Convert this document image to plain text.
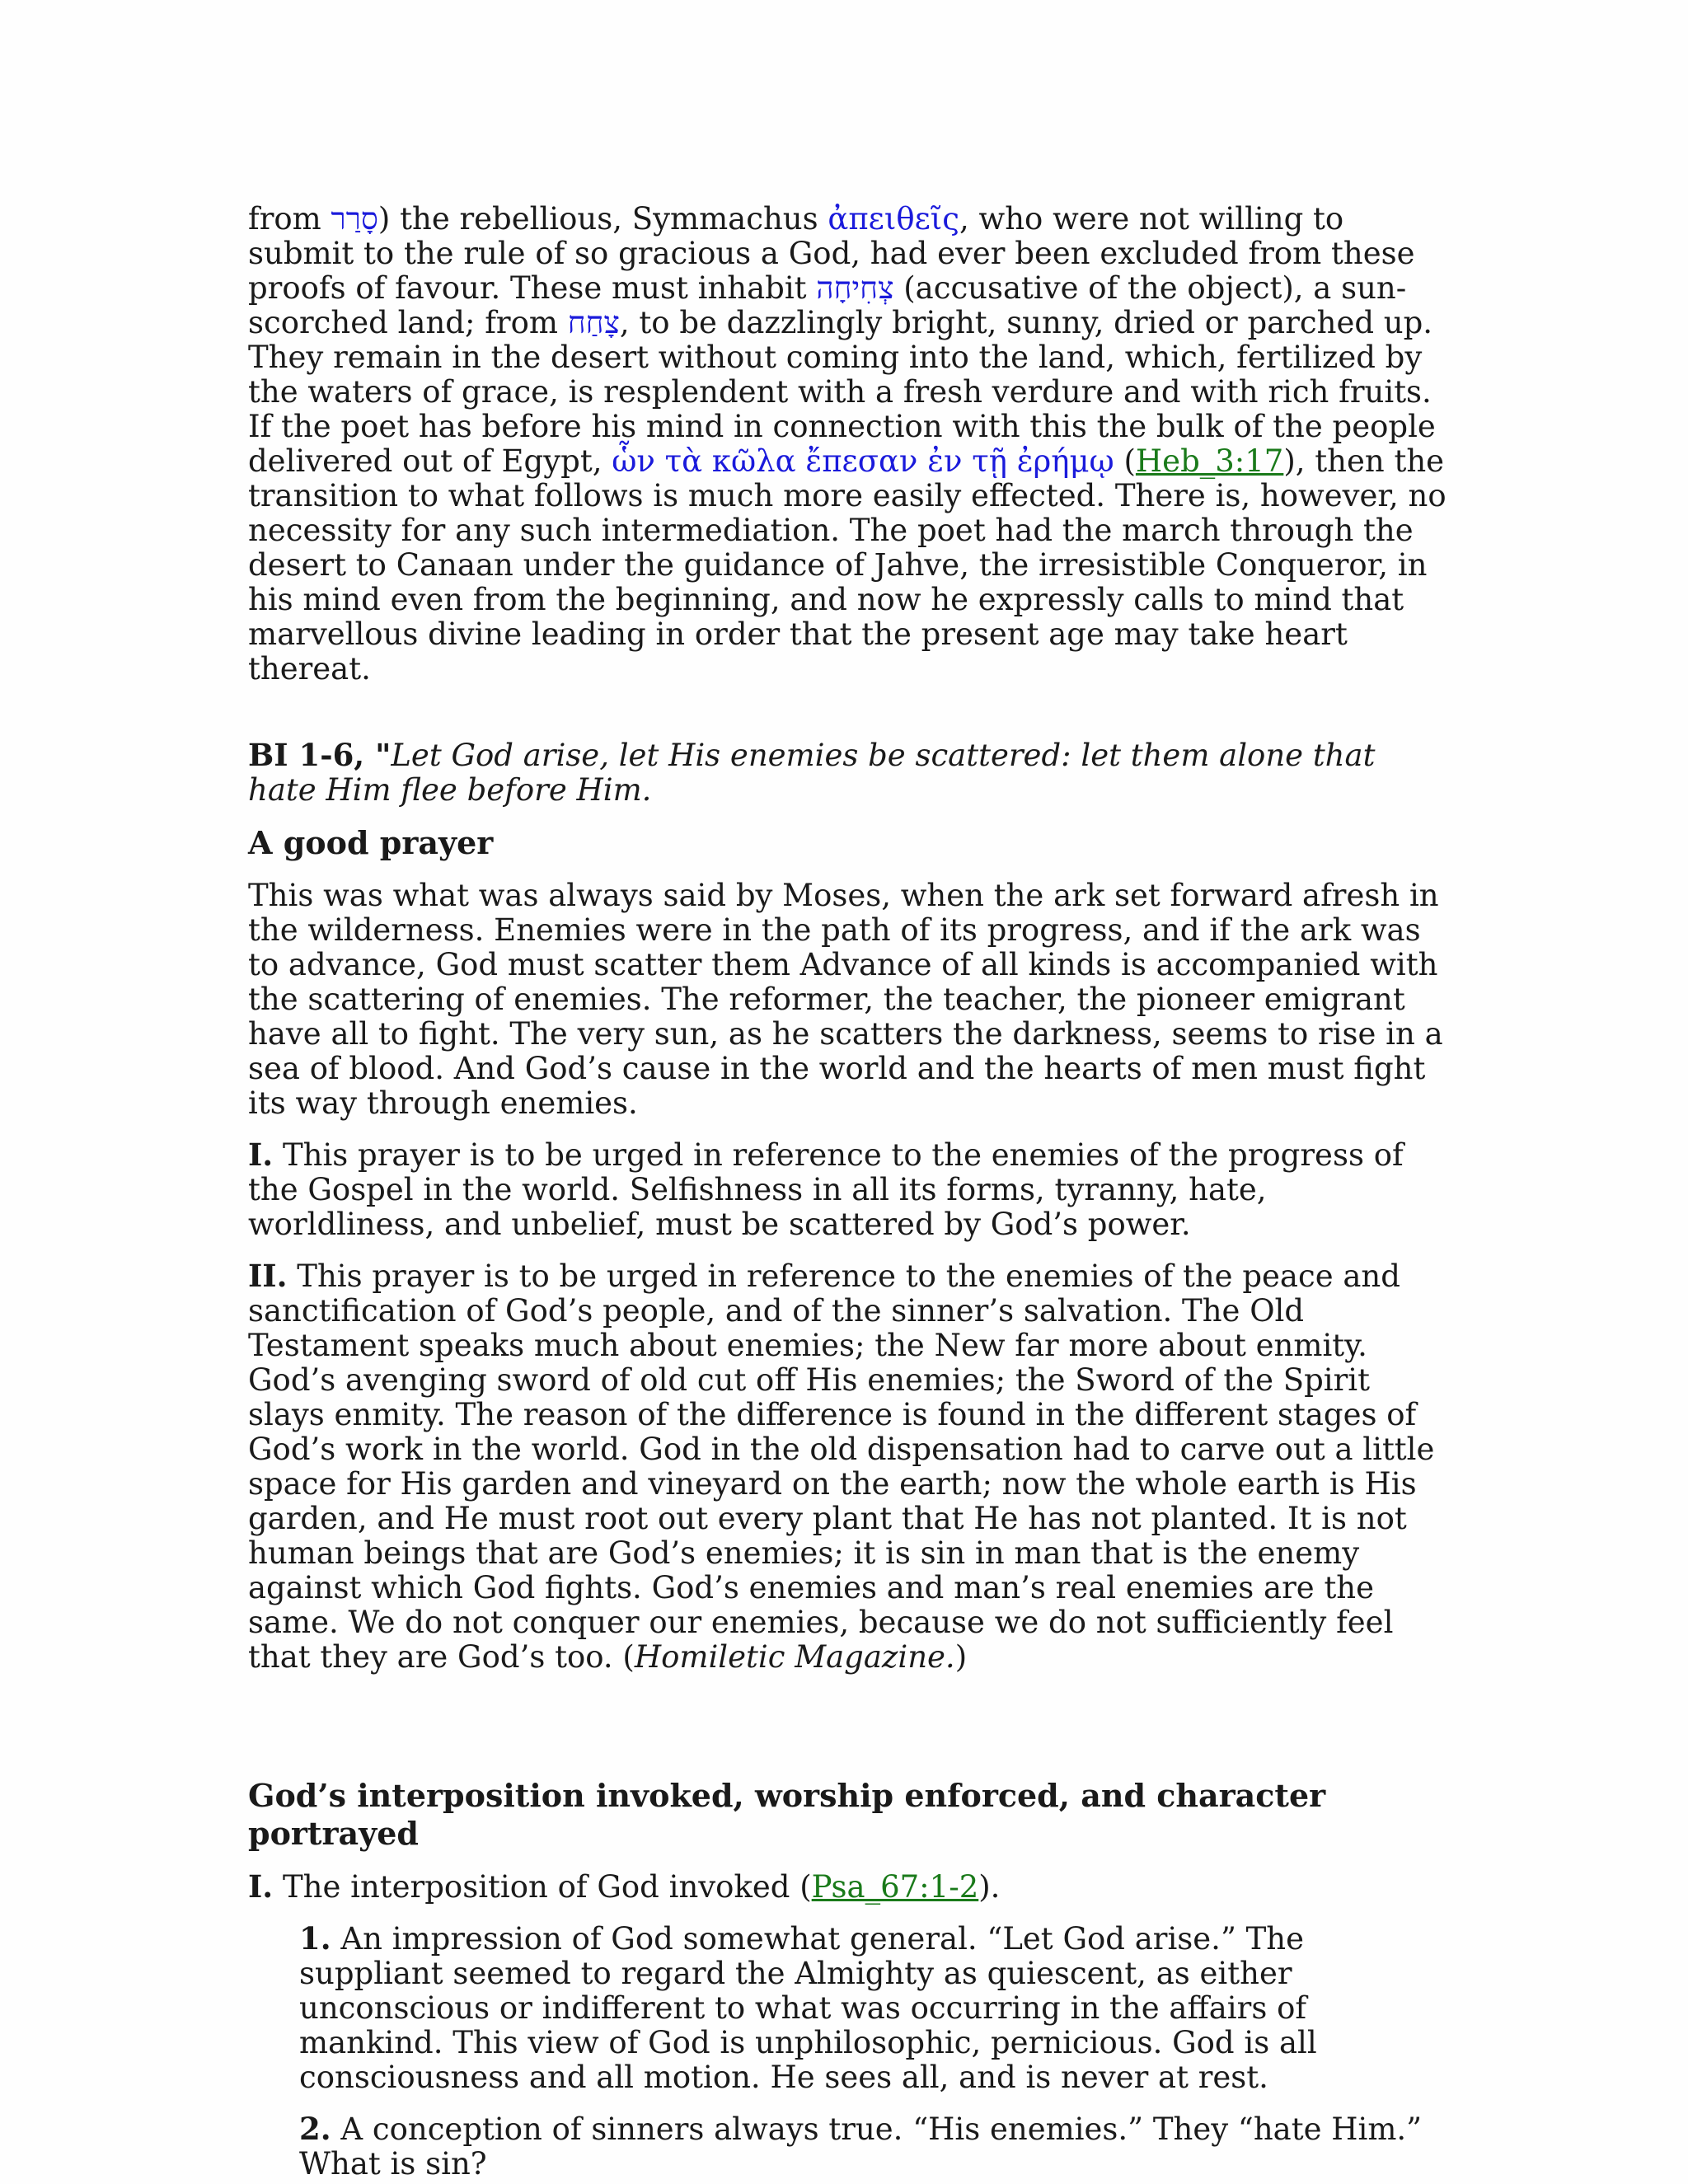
from סָרַר) the rebellious, Symmachus ἀπειθεῖς, who were not willing to submit to the rule of so gracious a God, had ever been excluded from these proofs of favour. These must inhabit צְחִיחָה (accusative of the object), a sun-scorched land; from צָחַח, to be dazzlingly bright, sunny, dried or parched up. They remain in the desert without coming into the land, which, fertilized by the waters of grace, is resplendent with a fresh verdure and with rich fruits. If the poet has before his mind in connection with this the bulk of the people delivered out of Egypt, ὧν τὰ κῶλα ἔπεσαν ἐν τῇ ἐρήμῳ (Heb_3:17), then the transition to what follows is much more easily effected. There is, however, no necessity for any such intermediation. The poet had the march through the desert to Canaan under the guidance of Jahve, the irresistible Conqueror, in his mind even from the beginning, and now he expressly calls to mind that marvellous divine leading in order that the present age may take heart thereat.

BI 1-6, "Let God arise, let His enemies be scattered: let them alone that hate Him flee before Him.

A good prayer

This was what was always said by Moses, when the ark set forward afresh in the wilderness. Enemies were in the path of its progress, and if the ark was to advance, God must scatter them Advance of all kinds is accompanied with the scattering of enemies. The reformer, the teacher, the pioneer emigrant have all to fight. The very sun, as he scatters the darkness, seems to rise in a sea of blood. And God’s cause in the world and the hearts of men must fight its way through enemies.

I. This prayer is to be urged in reference to the enemies of the progress of the Gospel in the world. Selfishness in all its forms, tyranny, hate, worldliness, and unbelief, must be scattered by God’s power.

II. This prayer is to be urged in reference to the enemies of the peace and sanctification of God’s people, and of the sinner’s salvation. The Old Testament speaks much about enemies; the New far more about enmity. God’s avenging sword of old cut off His enemies; the Sword of the Spirit slays enmity. The reason of the difference is found in the different stages of God’s work in the world. God in the old dispensation had to carve out a little space for His garden and vineyard on the earth; now the whole earth is His garden, and He must root out every plant that He has not planted. It is not human beings that are God’s enemies; it is sin in man that is the enemy against which God fights. God’s enemies and man’s real enemies are the same. We do not conquer our enemies, because we do not sufficiently feel that they are God’s too. (Homiletic Magazine.)

God’s interposition invoked, worship enforced, and character portrayed

I. The interposition of God invoked (Psa_67:1-2).

1. An impression of God somewhat general. “Let God arise.” The suppliant seemed to regard the Almighty as quiescent, as either unconscious or indifferent to what was occurring in the affairs of mankind. This view of God is unphilosophic, pernicious. God is all consciousness and all motion. He sees all, and is never at rest.

2. A conception of sinners always true. “His enemies.” They “hate Him.” What is sin?
